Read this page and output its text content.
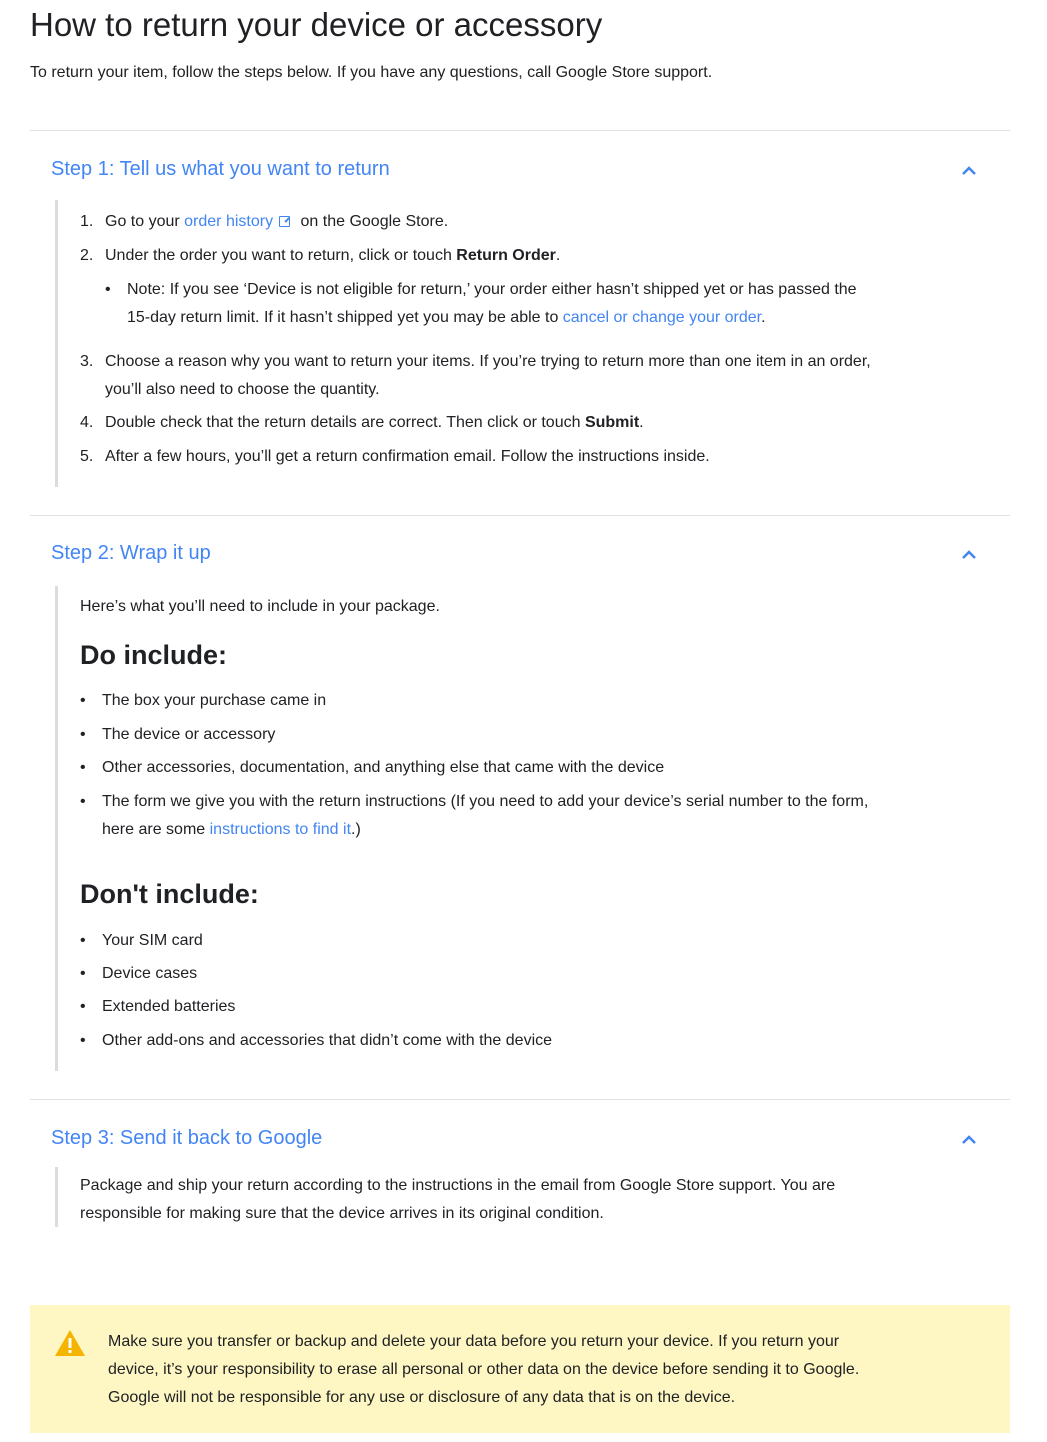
How to return your device or accessory
To return your item, follow the steps below. If you have any questions, call Google Store support.
Step 1: Tell us what you want to return
1. Go to your order history on the Google Store.
2. Under the order you want to return, click or touch Return Order.
• Note: If you see ‘Device is not eligible for return,’ your order either hasn’t shipped yet or has passed the
15-day return limit. If it hasn’t shipped yet you may be able to cancel or change your order.
3. Choose a reason why you want to return your items. If you’re trying to return more than one item in an order,
you’ll also need to choose the quantity.
4. Double check that the return details are correct. Then click or touch Submit.
5. After a few hours, you’ll get a return confirmation email. Follow the instructions inside.
Step 2: Wrap it up
Here’s what you’ll need to include in your package.
Do include:
• The box your purchase came in
• The device or accessory
• Other accessories, documentation, and anything else that came with the device
• The form we give you with the return instructions (If you need to add your device’s serial number to the form,
here are some instructions to find it.)
Don't include:
• Your SIM card
• Device cases
• Extended batteries
• Other add-ons and accessories that didn’t come with the device
Step 3: Send it back to Google
Package and ship your return according to the instructions in the email from Google Store support. You are
responsible for making sure that the device arrives in its original condition.
Make sure you transfer or backup and delete your data before you return your device. If you return your
device, it’s your responsibility to erase all personal or other data on the device before sending it to Google.
Google will not be responsible for any use or disclosure of any data that is on the device.
